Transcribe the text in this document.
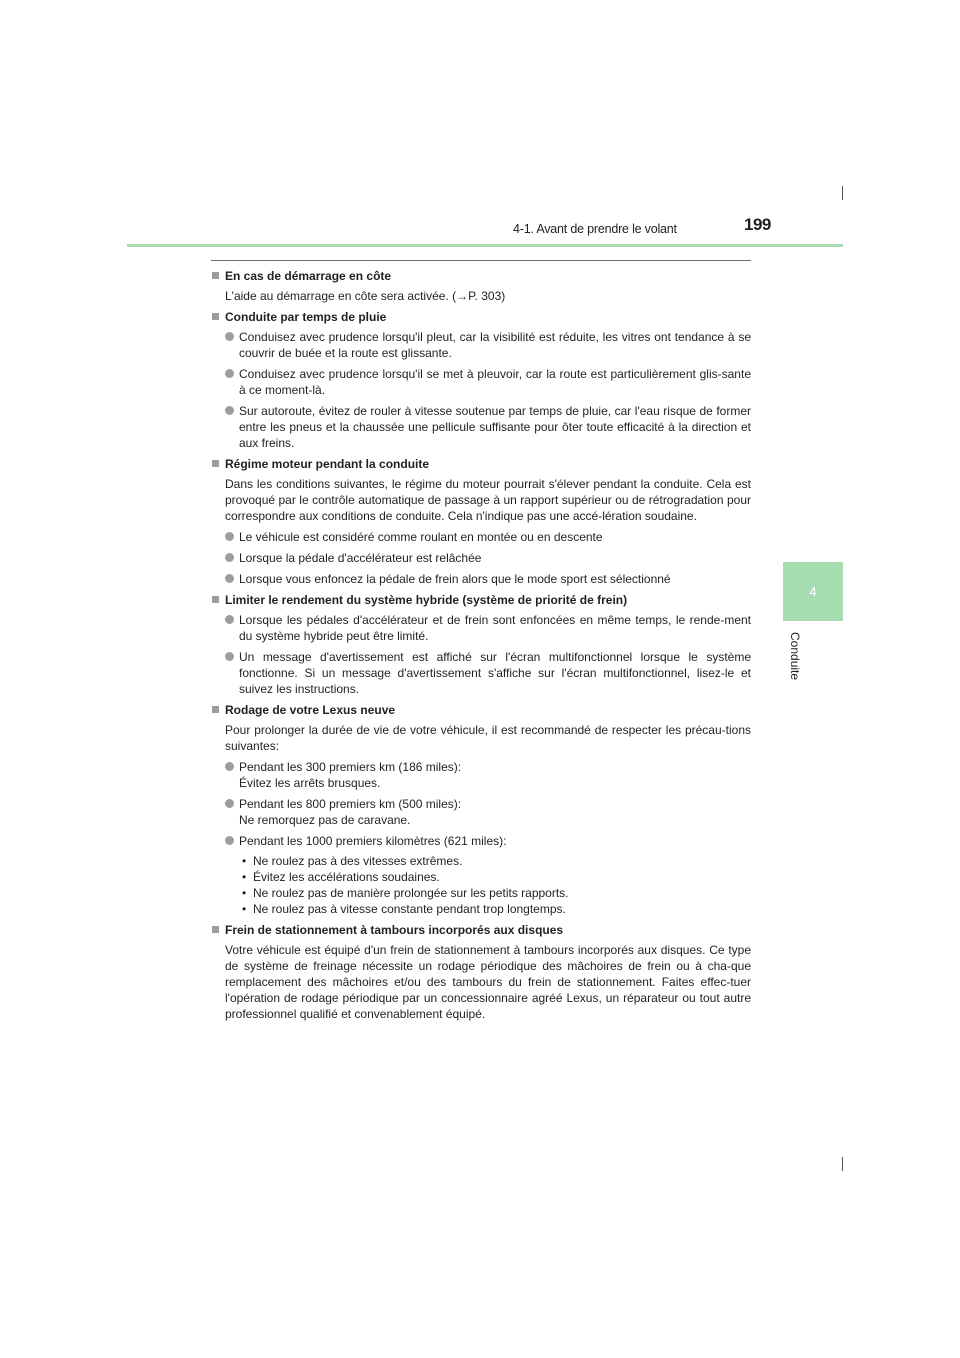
4-1. Avant de prendre le volant	199
4
Conduite
En cas de démarrage en côte
L'aide au démarrage en côte sera activée. (→P. 303)
Conduite par temps de pluie
Conduisez avec prudence lorsqu'il pleut, car la visibilité est réduite, les vitres ont tendance à se couvrir de buée et la route est glissante.
Conduisez avec prudence lorsqu'il se met à pleuvoir, car la route est particulièrement glis-sante à ce moment-là.
Sur autoroute, évitez de rouler à vitesse soutenue par temps de pluie, car l'eau risque de former entre les pneus et la chaussée une pellicule suffisante pour ôter toute efficacité à la direction et aux freins.
Régime moteur pendant la conduite
Dans les conditions suivantes, le régime du moteur pourrait s'élever pendant la conduite. Cela est provoqué par le contrôle automatique de passage à un rapport supérieur ou de rétrogradation pour correspondre aux conditions de conduite. Cela n'indique pas une accé-lération soudaine.
Le véhicule est considéré comme roulant en montée ou en descente
Lorsque la pédale d'accélérateur est relâchée
Lorsque vous enfoncez la pédale de frein alors que le mode sport est sélectionné
Limiter le rendement du système hybride (système de priorité de frein)
Lorsque les pédales d'accélérateur et de frein sont enfoncées en même temps, le rende-ment du système hybride peut être limité.
Un message d'avertissement est affiché sur l'écran multifonctionnel lorsque le système fonctionne. Si un message d'avertissement s'affiche sur l'écran multifonctionnel, lisez-le et suivez les instructions.
Rodage de votre Lexus neuve
Pour prolonger la durée de vie de votre véhicule, il est recommandé de respecter les précau-tions suivantes:
Pendant les 300 premiers km (186 miles):
Évitez les arrêts brusques.
Pendant les 800 premiers km (500 miles):
Ne remorquez pas de caravane.
Pendant les 1000 premiers kilomètres (621 miles):
• Ne roulez pas à des vitesses extrêmes.
• Évitez les accélérations soudaines.
• Ne roulez pas de manière prolongée sur les petits rapports.
• Ne roulez pas à vitesse constante pendant trop longtemps.
Frein de stationnement à tambours incorporés aux disques
Votre véhicule est équipé d'un frein de stationnement à tambours incorporés aux disques. Ce type de système de freinage nécessite un rodage périodique des mâchoires de frein ou à cha-que remplacement des mâchoires et/ou des tambours du frein de stationnement. Faites effec-tuer l'opération de rodage périodique par un concessionnaire agréé Lexus, un réparateur ou tout autre professionnel qualifié et convenablement équipé.
